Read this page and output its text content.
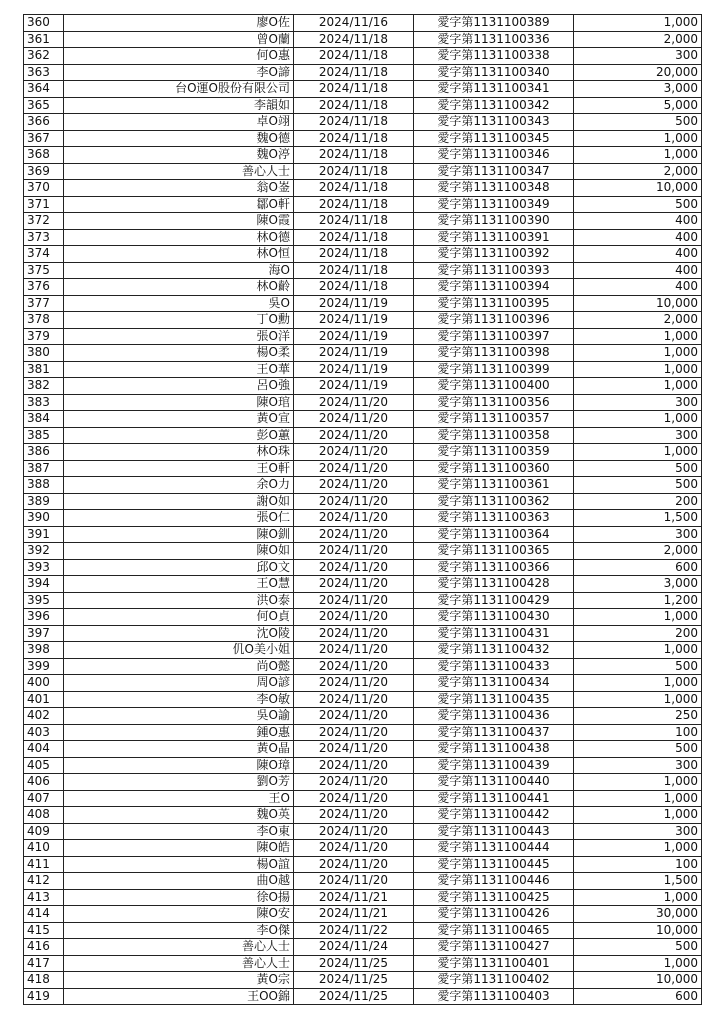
360	廖O佐	2024/11/16	愛字第1131100389	1,000
361	曾O蘭	2024/11/18	愛字第1131100336	2,000
362	何O惠	2024/11/18	愛字第1131100338	300
363	李O諦	2024/11/18	愛字第1131100340	20,000
364	台O運O股份有限公司	2024/11/18	愛字第1131100341	3,000
365	李韻如	2024/11/18	愛字第1131100342	5,000
366	卓O翊	2024/11/18	愛字第1131100343	500
367	魏O德	2024/11/18	愛字第1131100345	1,000
368	魏O渟	2024/11/18	愛字第1131100346	1,000
369	善心人士	2024/11/18	愛字第1131100347	2,000
370	翁O崟	2024/11/18	愛字第1131100348	10,000
371	鄒O軒	2024/11/18	愛字第1131100349	500
372	陳O霞	2024/11/18	愛字第1131100390	400
373	林O德	2024/11/18	愛字第1131100391	400
374	林O恒	2024/11/18	愛字第1131100392	400
375	海O	2024/11/18	愛字第1131100393	400
376	林O齡	2024/11/18	愛字第1131100394	400
377	吳O	2024/11/19	愛字第1131100395	10,000
378	丁O勳	2024/11/19	愛字第1131100396	2,000
379	張O洋	2024/11/19	愛字第1131100397	1,000
380	楊O柔	2024/11/19	愛字第1131100398	1,000
381	王O華	2024/11/19	愛字第1131100399	1,000
382	呂O強	2024/11/19	愛字第1131100400	1,000
383	陳O琯	2024/11/20	愛字第1131100356	300
384	黃O宣	2024/11/20	愛字第1131100357	1,000
385	彭O蕙	2024/11/20	愛字第1131100358	300
386	林O珠	2024/11/20	愛字第1131100359	1,000
387	王O軒	2024/11/20	愛字第1131100360	500
388	余O力	2024/11/20	愛字第1131100361	500
389	謝O如	2024/11/20	愛字第1131100362	200
390	張O仁	2024/11/20	愛字第1131100363	1,500
391	陳O釧	2024/11/20	愛字第1131100364	300
392	陳O如	2024/11/20	愛字第1131100365	2,000
393	邱O文	2024/11/20	愛字第1131100366	600
394	王O慧	2024/11/20	愛字第1131100428	3,000
395	洪O泰	2024/11/20	愛字第1131100429	1,200
396	何O貞	2024/11/20	愛字第1131100430	1,000
397	沈O陵	2024/11/20	愛字第1131100431	200
398	仉O美小姐	2024/11/20	愛字第1131100432	1,000
399	尚O懿	2024/11/20	愛字第1131100433	500
400	周O諺	2024/11/20	愛字第1131100434	1,000
401	李O敏	2024/11/20	愛字第1131100435	1,000
402	吳O諭	2024/11/20	愛字第1131100436	250
403	鍾O惠	2024/11/20	愛字第1131100437	100
404	黃O晶	2024/11/20	愛字第1131100438	500
405	陳O璋	2024/11/20	愛字第1131100439	300
406	劉O芳	2024/11/20	愛字第1131100440	1,000
407	王O	2024/11/20	愛字第1131100441	1,000
408	魏O英	2024/11/20	愛字第1131100442	1,000
409	李O東	2024/11/20	愛字第1131100443	300
410	陳O皓	2024/11/20	愛字第1131100444	1,000
411	楊O誼	2024/11/20	愛字第1131100445	100
412	曲O越	2024/11/20	愛字第1131100446	1,500
413	徐O揚	2024/11/21	愛字第1131100425	1,000
414	陳O安	2024/11/21	愛字第1131100426	30,000
415	李O傑	2024/11/22	愛字第1131100465	10,000
416	善心人士	2024/11/24	愛字第1131100427	500
417	善心人士	2024/11/25	愛字第1131100401	1,000
418	黃O宗	2024/11/25	愛字第1131100402	10,000
419	王OO錦	2024/11/25	愛字第1131100403	600
